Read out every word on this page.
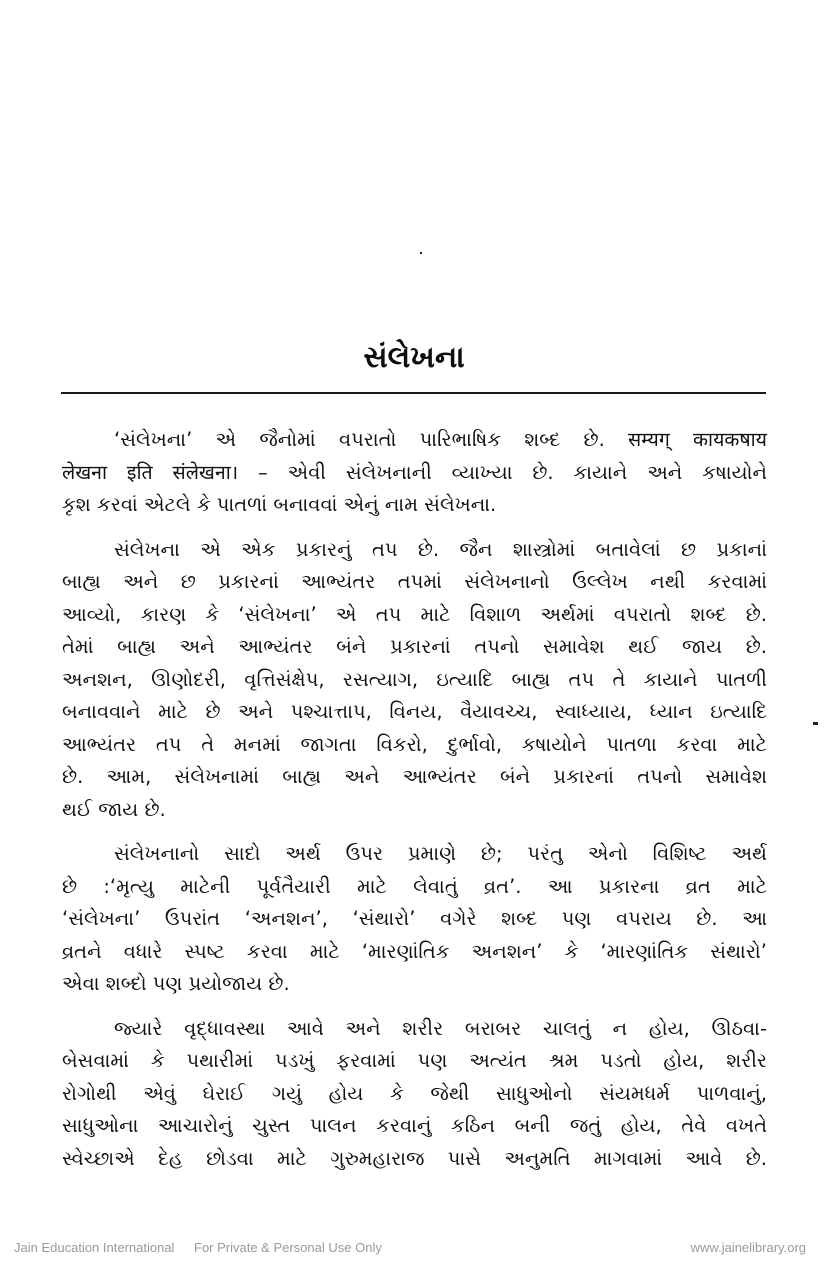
સંલેખના

‘સંલેખના’ એ જૈનોમાં વપરાતો પારિભાષિક શબ્દ છે. सम्यग् कायकषाय
लेखना इति संलेखना। – એવી સંલેખનાની વ્યાખ્યા છે. કાયાને અને કષાયોને
કૃશ કરવાં એટલે કે પાતળાં બનાવવાં એનું નામ સંલેખના.

સંલેખના એ એક પ્રકારનું તપ છે. જૈન શાસ્ત્રોમાં બતાવેલાં છ પ્રકાનાં
બાહ્ય અને છ પ્રકારનાં આભ્યંતર તપમાં સંલેખનાનો ઉલ્લેખ નથી કરવામાં
આવ્યો, કારણ કે ‘સંલેખના’ એ તપ માટે વિશાળ અર્થમાં વપરાતો શબ્દ છે.
તેમાં બાહ્ય અને આભ્યંતર બંને પ્રકારનાં તપનો સમાવેશ થઈ જાય છે.
અનશન, ઊણોદરી, વૃત્તિસંક્ષેપ, રસત્યાગ, ઇત્યાદિ બાહ્ય તપ તે કાયાને પાતળી
બનાવવાને માટે છે અને પશ્ચાત્તાપ, વિનય, વૈયાવચ્ચ, સ્વાધ્યાય, ધ્યાન ઇત્યાદિ
આભ્યંતર તપ તે મનમાં જાગતા વિકરો, દુર્ભાવો, કષાયોને પાતળા કરવા માટે
છે. આમ, સંલેખનામાં બાહ્ય અને આભ્યંતર બંને પ્રકારનાં તપનો સમાવેશ
થઈ જાય છે.

સંલેખનાનો સાદો અર્થ ઉપર પ્રમાણે છે; પરંતુ એનો વિશિષ્ટ અર્થ
છે :‘મૃત્યુ માટેની પૂર્વતૈયારી માટે લેવાતું વ્રત’. આ પ્રકારના વ્રત માટે
‘સંલેખના’ ઉપરાંત ‘અનશન’, ‘સંથારો’ વગેરે શબ્દ પણ વપરાય છે. આ
વ્રતને વધારે સ્પષ્ટ કરવા માટે ‘મારણાંતિક અનશન’ કે ‘મારણાંતિક સંથારો’
એવા શબ્દો પણ પ્રયોજાય છે.

જ્યારે વૃદ્ધાવસ્થા આવે અને શરીર બરાબર ચાલતું ન હોય, ઊઠવા-
બેસવામાં કે પથારીમાં પડખું ફરવામાં પણ અત્યંત શ્રમ પડતો હોય, શરીર
રોગોથી એવું ઘેરાઈ ગયું હોય કે જેથી સાધુઓનો સંયમધર્મ પાળવાનું,
સાધુઓના આચારોનું ચુસ્ત પાલન કરવાનું કઠિન બની જતું હોય, તેવે વખતે
સ્વેચ્છાએ દેહ છોડવા માટે ગુરુમહારાજ પાસે અનુમતિ માગવામાં આવે છે.

Jain Education International For Private & Personal Use Only	www.jainelibrary.org
